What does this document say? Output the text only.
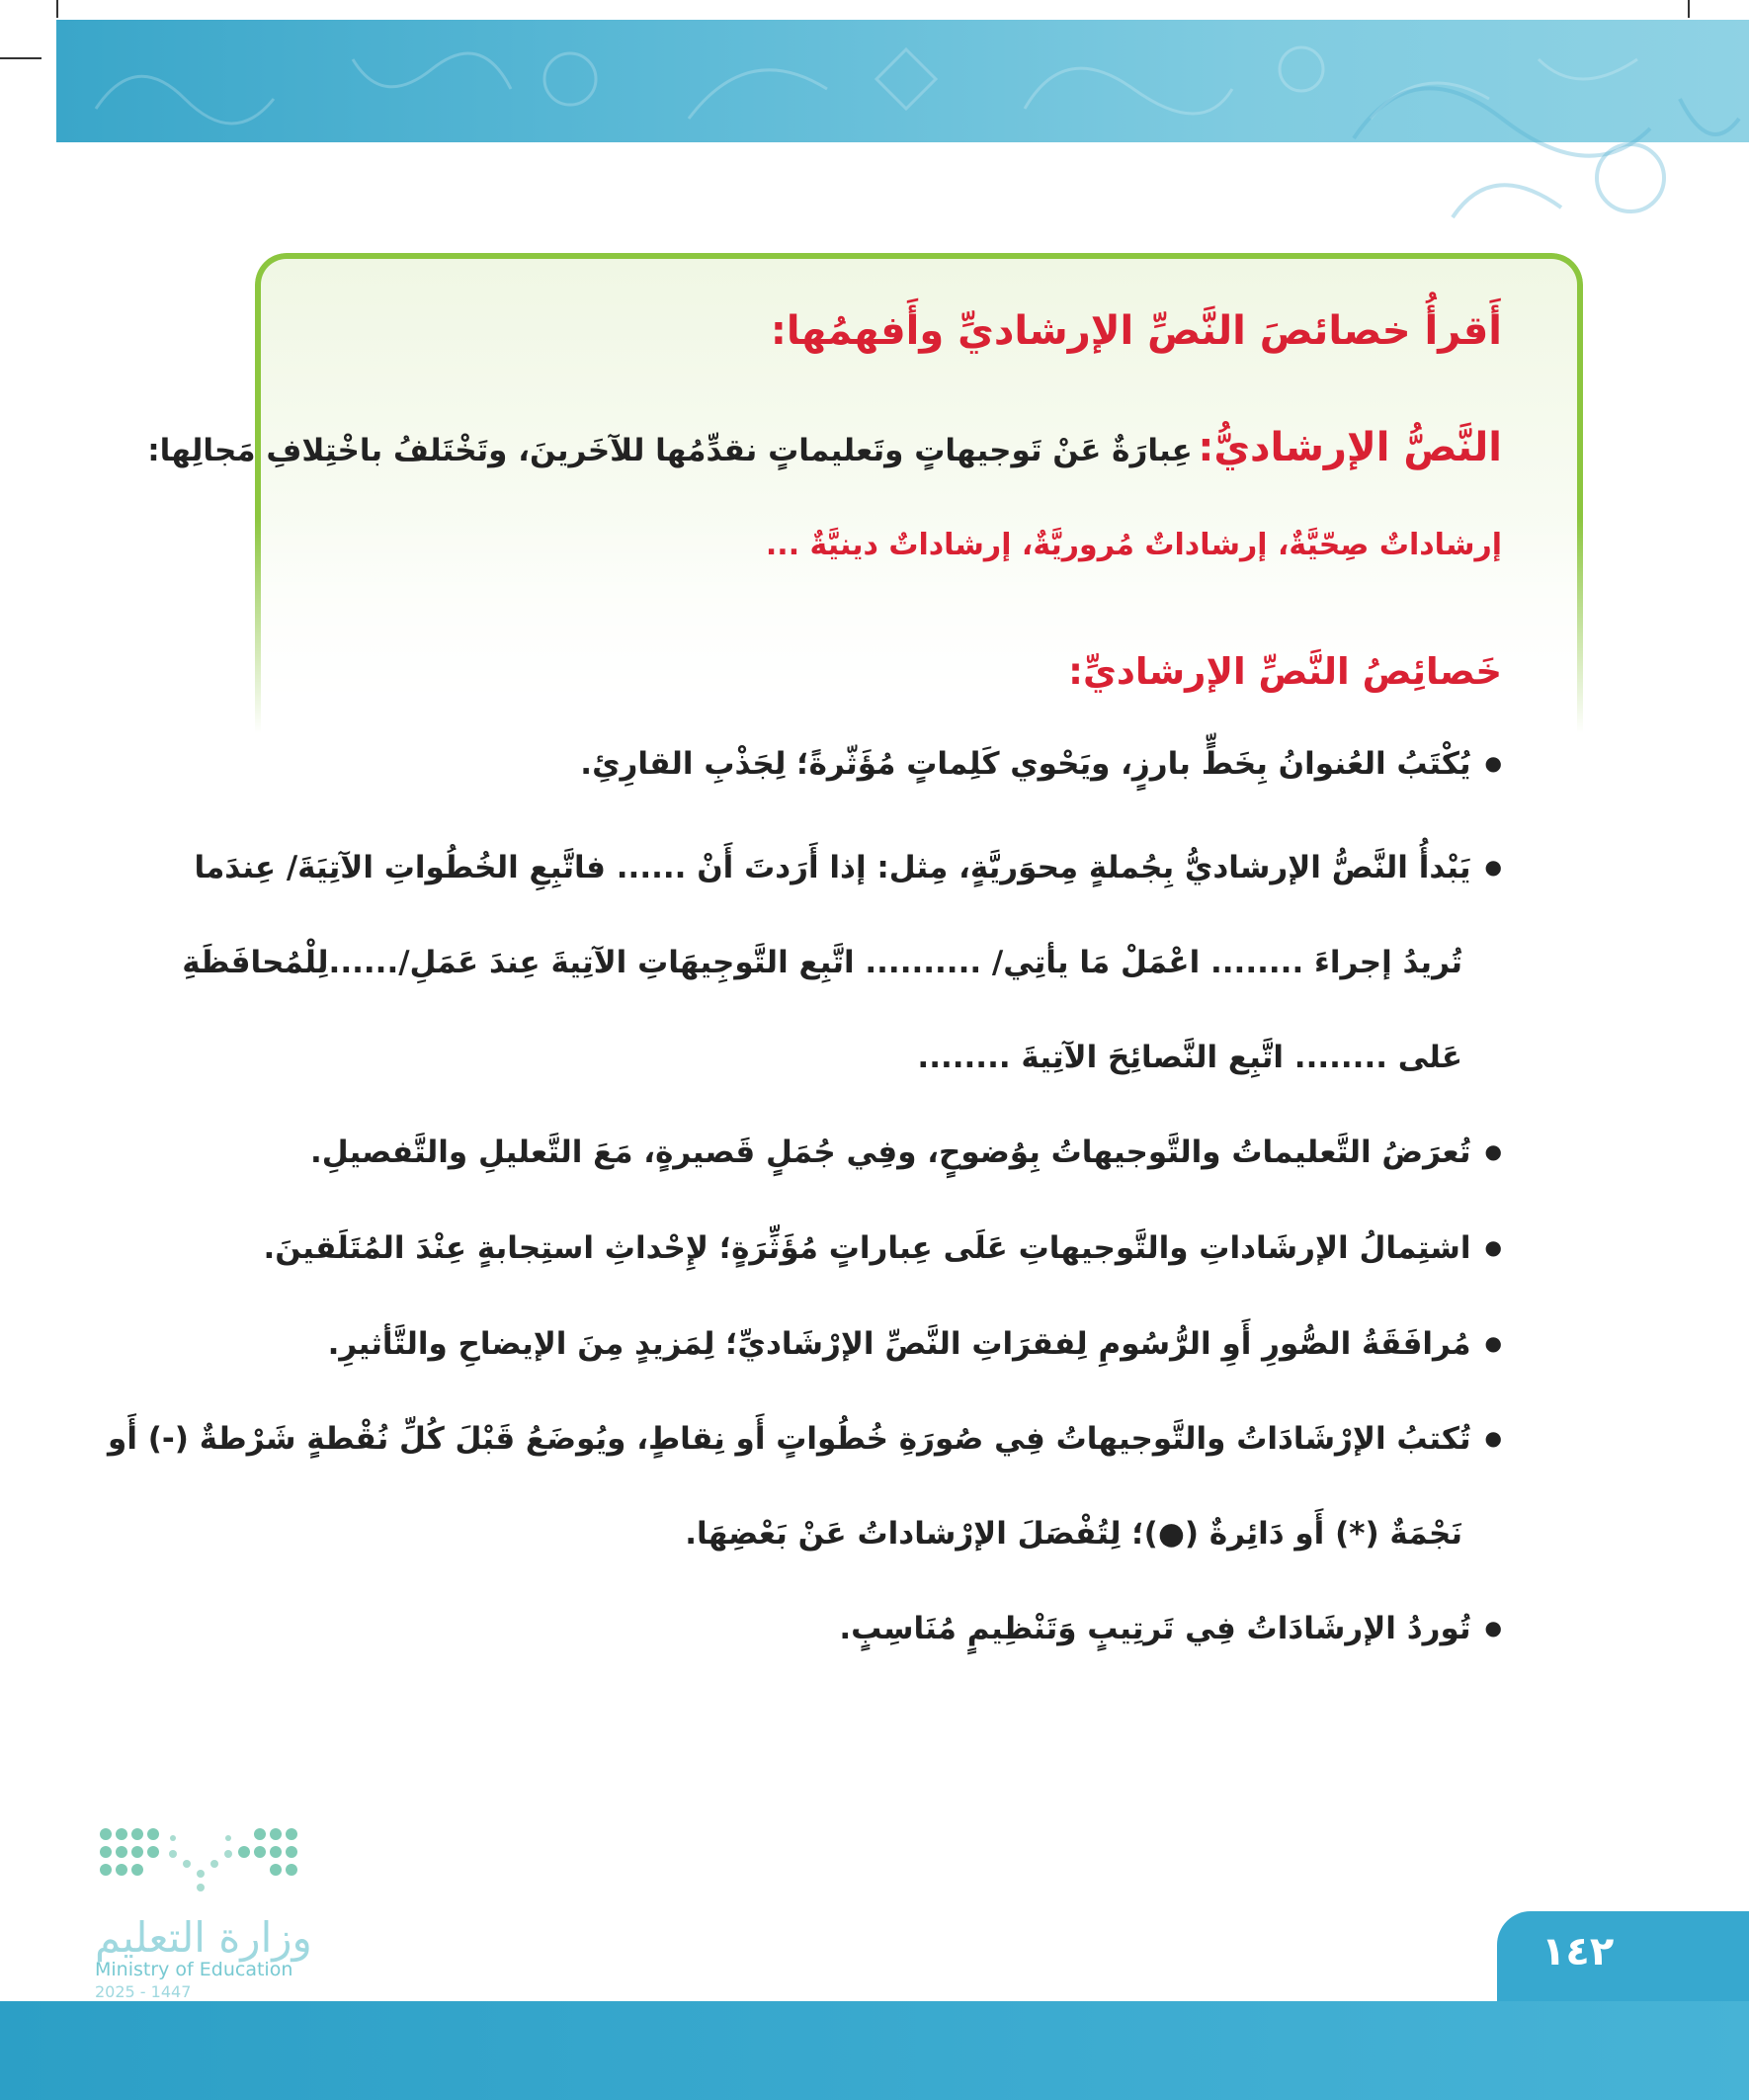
أَقرأُ خصائصَ النَّصِّ الإرشاديِّ وأَفهمُها:
النَّصُّ الإرشاديُّ: عِبارَةٌ عَنْ تَوجيهاتٍ وتَعليماتٍ نقدِّمُها للآخَرينَ، وتَخْتَلفُ باخْتِلافِ مَجالِها:
إرشاداتٌ صِحّيَّةٌ، إرشاداتٌ مُروريَّةٌ، إرشاداتٌ دينيَّةٌ ...
خَصائِصُ النَّصِّ الإرشاديِّ:
● يُكْتَبُ العُنوانُ بِخَطٍّ بارزٍ، ويَحْوي كَلِماتٍ مُؤَثّرةً؛ لِجَذْبِ القارِئِ.
● يَبْدأُ النَّصُّ الإرشاديُّ بِجُملةٍ مِحوَريَّةٍ، مِثل: إذا أَرَدتَ أَنْ ...... فاتَّبِعِ الخُطُواتِ الآتِيَةَ/ عِندَما
تُريدُ إجراءَ ........ اعْمَلْ مَا يأتِي/ .......... اتَّبِع التَّوجِيهَاتِ الآتِيةَ عِندَ عَمَلِ/......لِلْمُحافَظَةِ
عَلى ........ اتَّبِع النَّصائِحَ الآتِيةَ ........
● تُعرَضُ التَّعليماتُ والتَّوجيهاتُ بِوُضوحٍ، وفِي جُمَلٍ قَصيرةٍ، مَعَ التَّعليلِ والتَّفصيلِ.
● اشتِمالُ الإرشَاداتِ والتَّوجيهاتِ عَلَى عِباراتٍ مُؤَثِّرَةٍ؛ لإِحْداثِ استِجابةٍ عِنْدَ المُتَلَقينَ.
● مُرافَقَةُ الصُّورِ أَوِ الرُّسُومِ لِفقرَاتِ النَّصِّ الإرْشَاديِّ؛ لِمَزيدٍ مِنَ الإيضاحِ والتَّأثيرِ.
● تُكتبُ الإرْشَادَاتُ والتَّوجيهاتُ فِي صُورَةِ خُطُواتٍ أَو نِقاطٍ، ويُوضَعُ قَبْلَ كُلِّ نُقْطةٍ شَرْطةٌ (-) أَو
نَجْمَةٌ (*) أَو دَائِرةٌ (●)؛ لِتُفْصَلَ الإرْشاداتُ عَنْ بَعْضِهَا.
● تُوردُ الإرشَادَاتُ فِي تَرتِيبٍ وَتَنْظِيمٍ مُنَاسِبٍ.
وزارة التعليم
Ministry of Education
2025 - 1447
١٤٢
